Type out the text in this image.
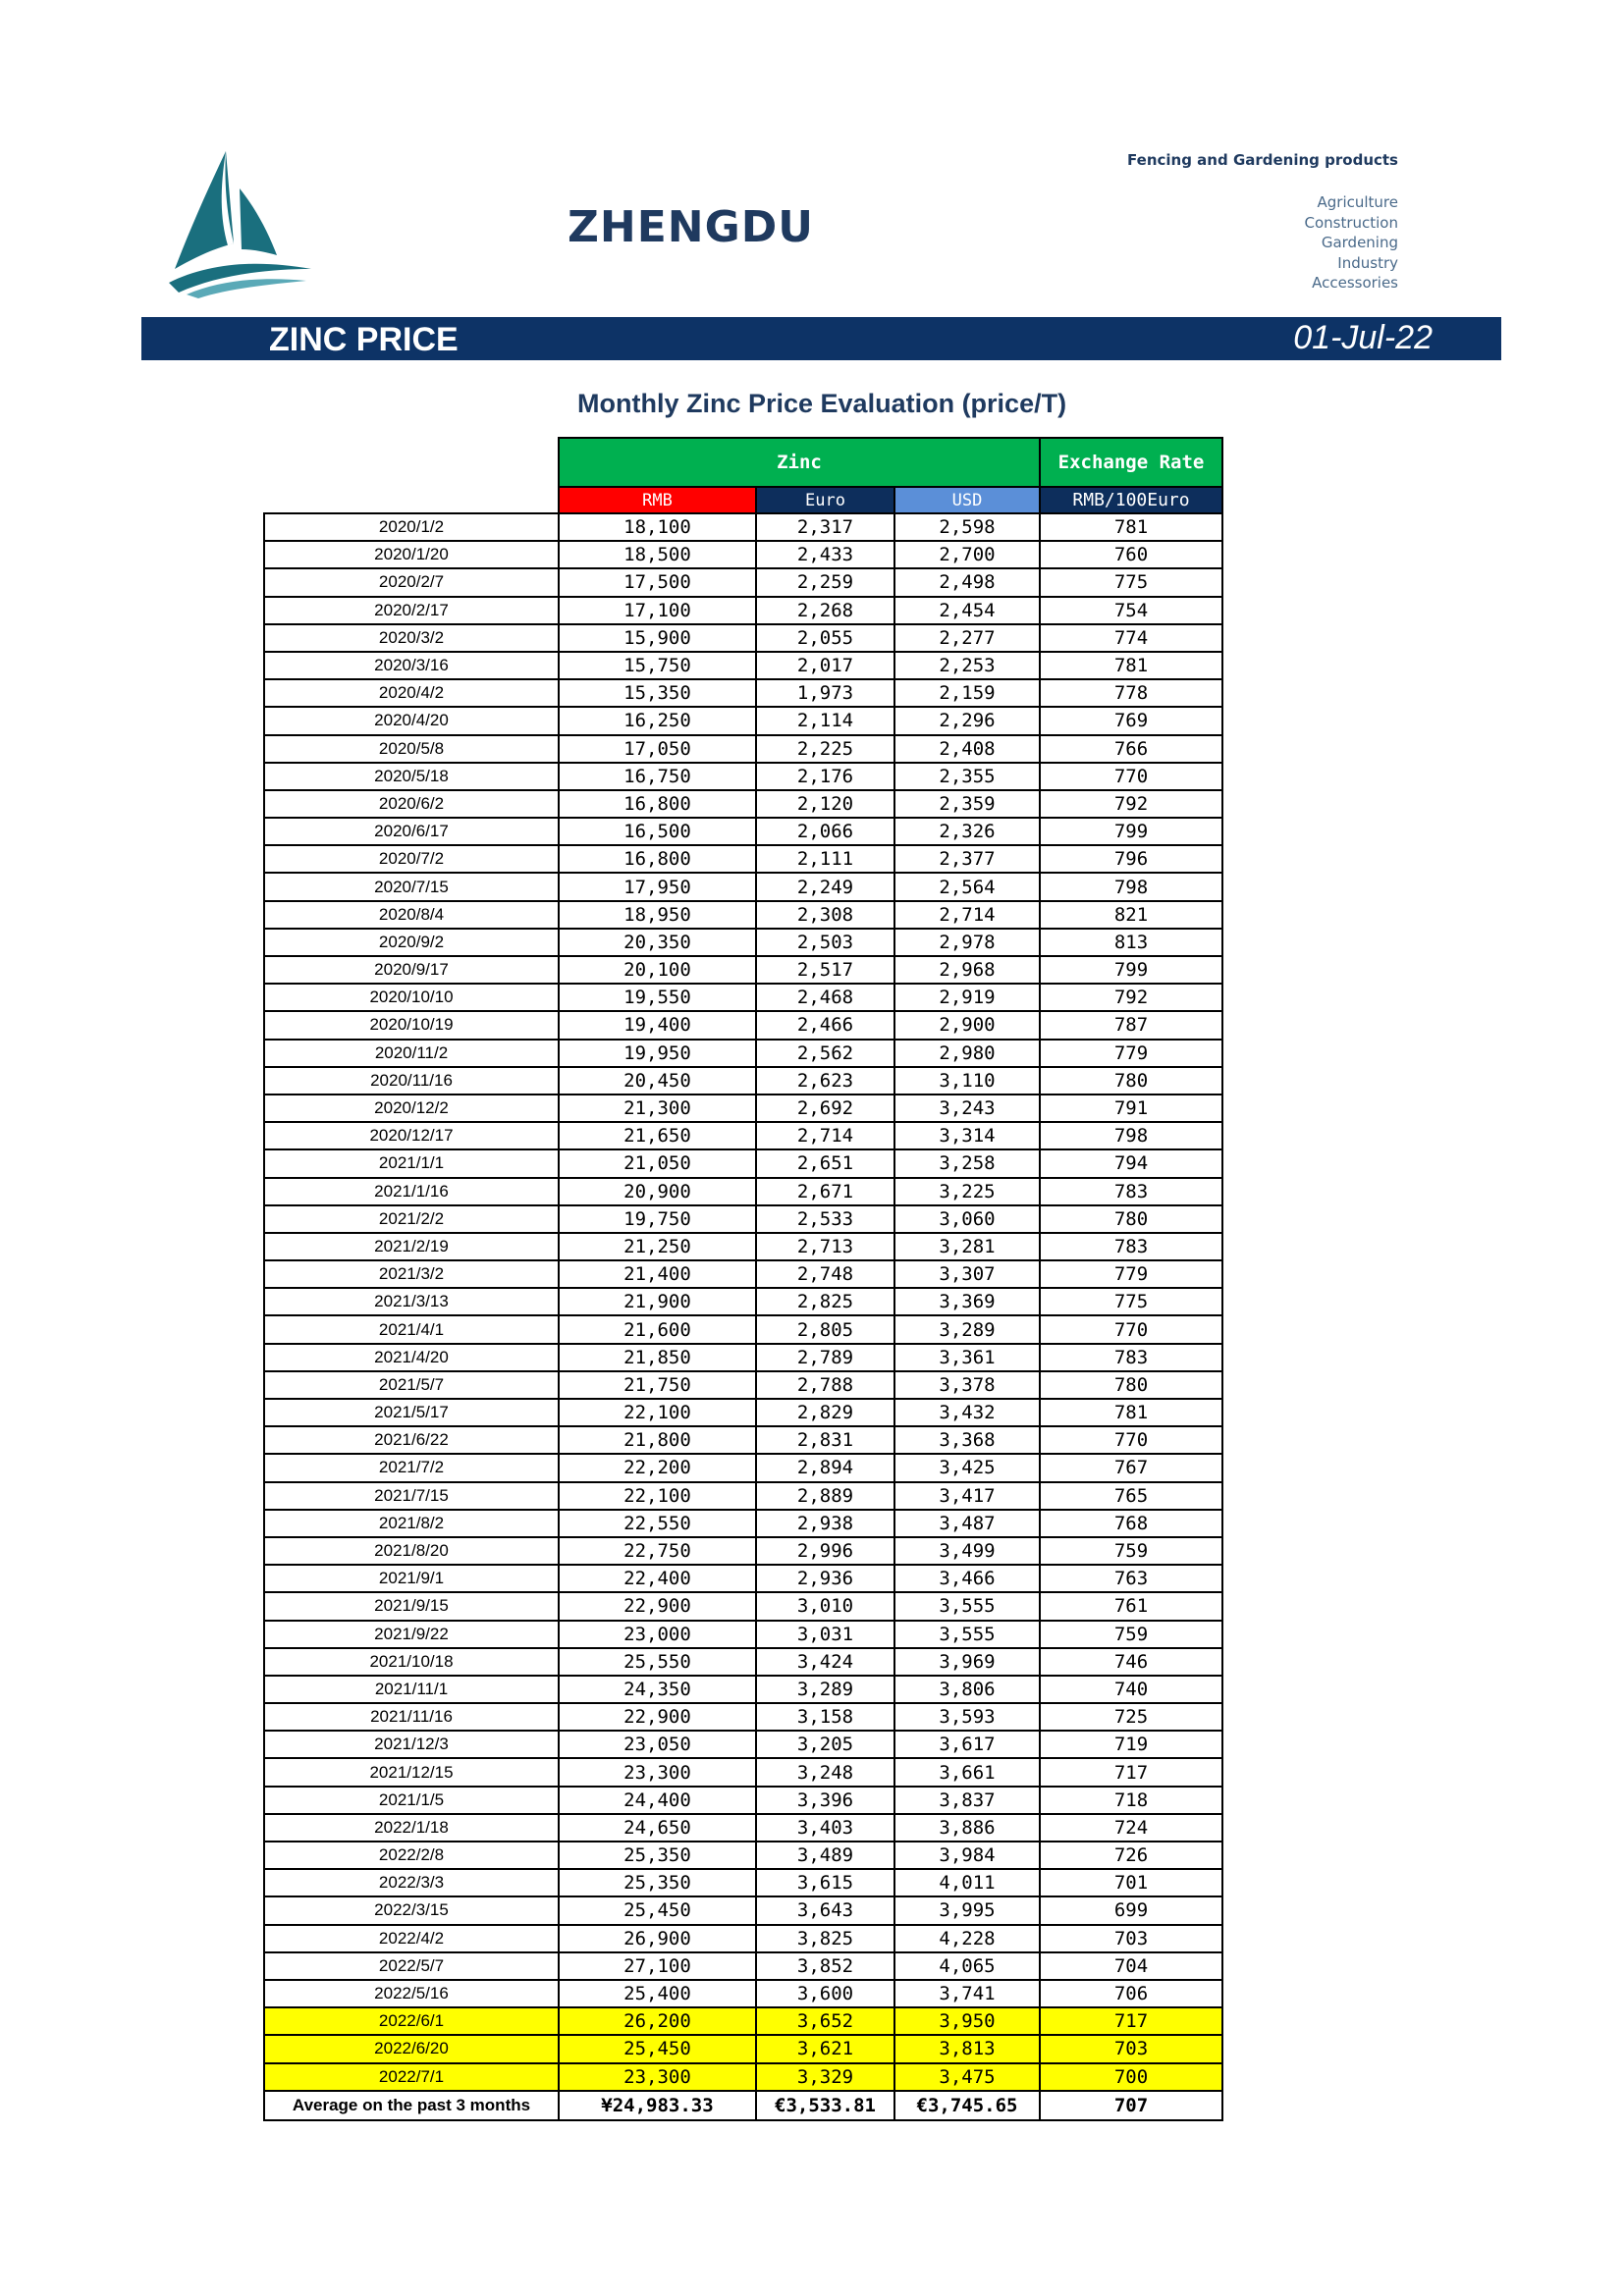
ZHENGDU
Fencing and Gardening products
Agriculture
Construction
Gardening
Industry
Accessories
ZINC PRICE	01-Jul-22
Monthly Zinc Price Evaluation (price/T)
	Zinc			Exchange Rate
	RMB	Euro	USD	RMB/100Euro
2020/1/2	18,100	2,317	2,598	781
2020/1/20	18,500	2,433	2,700	760
2020/2/7	17,500	2,259	2,498	775
2020/2/17	17,100	2,268	2,454	754
2020/3/2	15,900	2,055	2,277	774
2020/3/16	15,750	2,017	2,253	781
2020/4/2	15,350	1,973	2,159	778
2020/4/20	16,250	2,114	2,296	769
2020/5/8	17,050	2,225	2,408	766
2020/5/18	16,750	2,176	2,355	770
2020/6/2	16,800	2,120	2,359	792
2020/6/17	16,500	2,066	2,326	799
2020/7/2	16,800	2,111	2,377	796
2020/7/15	17,950	2,249	2,564	798
2020/8/4	18,950	2,308	2,714	821
2020/9/2	20,350	2,503	2,978	813
2020/9/17	20,100	2,517	2,968	799
2020/10/10	19,550	2,468	2,919	792
2020/10/19	19,400	2,466	2,900	787
2020/11/2	19,950	2,562	2,980	779
2020/11/16	20,450	2,623	3,110	780
2020/12/2	21,300	2,692	3,243	791
2020/12/17	21,650	2,714	3,314	798
2021/1/1	21,050	2,651	3,258	794
2021/1/16	20,900	2,671	3,225	783
2021/2/2	19,750	2,533	3,060	780
2021/2/19	21,250	2,713	3,281	783
2021/3/2	21,400	2,748	3,307	779
2021/3/13	21,900	2,825	3,369	775
2021/4/1	21,600	2,805	3,289	770
2021/4/20	21,850	2,789	3,361	783
2021/5/7	21,750	2,788	3,378	780
2021/5/17	22,100	2,829	3,432	781
2021/6/22	21,800	2,831	3,368	770
2021/7/2	22,200	2,894	3,425	767
2021/7/15	22,100	2,889	3,417	765
2021/8/2	22,550	2,938	3,487	768
2021/8/20	22,750	2,996	3,499	759
2021/9/1	22,400	2,936	3,466	763
2021/9/15	22,900	3,010	3,555	761
2021/9/22	23,000	3,031	3,555	759
2021/10/18	25,550	3,424	3,969	746
2021/11/1	24,350	3,289	3,806	740
2021/11/16	22,900	3,158	3,593	725
2021/12/3	23,050	3,205	3,617	719
2021/12/15	23,300	3,248	3,661	717
2021/1/5	24,400	3,396	3,837	718
2022/1/18	24,650	3,403	3,886	724
2022/2/8	25,350	3,489	3,984	726
2022/3/3	25,350	3,615	4,011	701
2022/3/15	25,450	3,643	3,995	699
2022/4/2	26,900	3,825	4,228	703
2022/5/7	27,100	3,852	4,065	704
2022/5/16	25,400	3,600	3,741	706
2022/6/1	26,200	3,652	3,950	717
2022/6/20	25,450	3,621	3,813	703
2022/7/1	23,300	3,329	3,475	700
Average on the past 3 months	¥24,983.33	€3,533.81	€3,745.65	707
